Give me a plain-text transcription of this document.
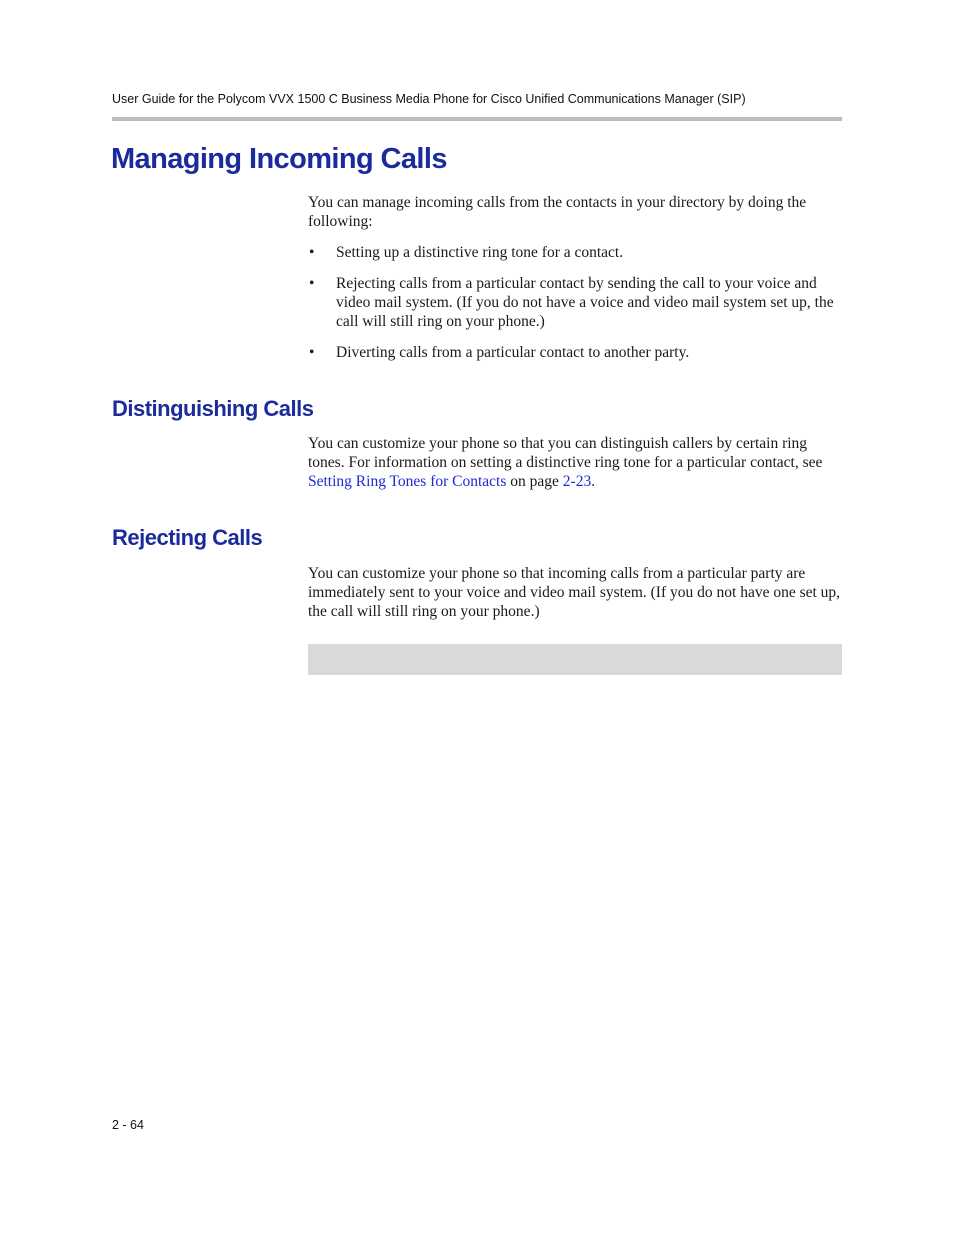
User Guide for the Polycom VVX 1500 C Business Media Phone for Cisco Unified Communications Manager (SIP)
Managing Incoming Calls

You can manage incoming calls from the contacts in your directory by doing the following:

• Setting up a distinctive ring tone for a contact.
• Rejecting calls from a particular contact by sending the call to your voice and video mail system. (If you do not have a voice and video mail system set up, the call will still ring on your phone.)
• Diverting calls from a particular contact to another party.
Distinguishing Calls

You can customize your phone so that you can distinguish callers by certain ring tones. For information on setting a distinctive ring tone for a particular contact, see Setting Ring Tones for Contacts on page 2-23.

Rejecting Calls

You can customize your phone so that incoming calls from a particular party are immediately sent to your voice and video mail system. (If you do not have one set up, the call will still ring on your phone.)

2 - 64
